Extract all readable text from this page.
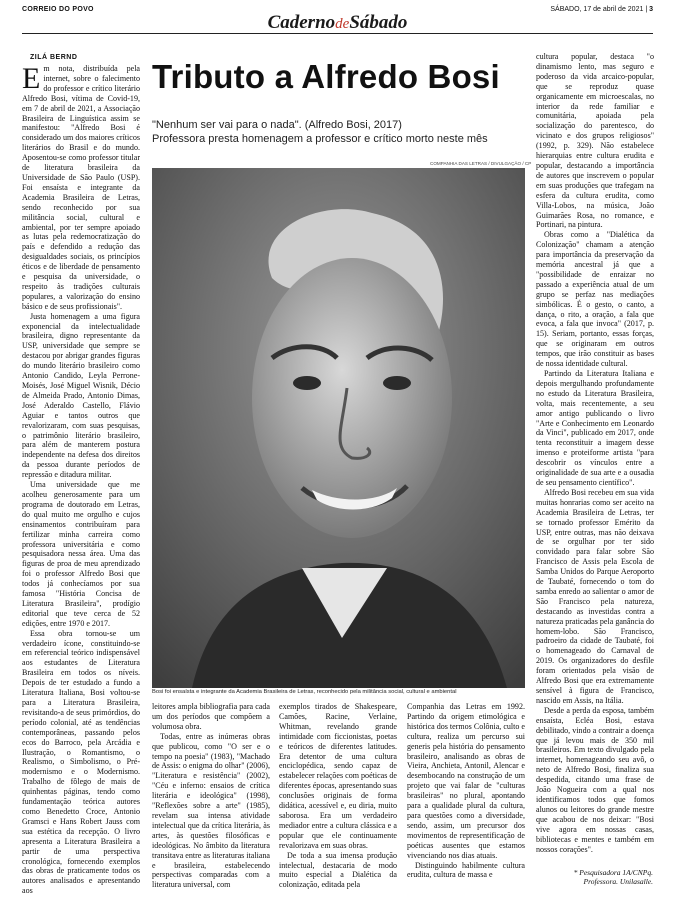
CORREIO DO POVO
CadernodeSábado
SÁBADO, 17 de abril de 2021 | 3
ZILÁ BERND

Em nota, distribuída pela internet, sobre o falecimento do professor e crítico literário Alfredo Bosi, vítima de Covid-19, em 7 de abril de 2021, a Associação Brasileira de Linguística assim se manifestou: "Alfredo Bosi é considerado um dos maiores críticos literários do Brasil e do mundo. Aposentou-se como professor titular de literatura brasileira da Universidade de São Paulo (USP). Foi ensaísta e integrante da Academia Brasileira de Letras, sendo reconhecido por sua militância social, cultural e ambiental, por ter sempre apoiado as lutas pela redemocratização do país e defendido a redução das desigualdades sociais, os princípios éticos e de liberdade de pensamento e pesquisa da universidade, o respeito às tradições culturais populares, a valorização do ensino básico e de seus profissionais".

Justa homenagem a uma figura exponencial da intelectualidade brasileira, digno representante da USP, universidade que sempre se destacou por abrigar grandes figuras do mundo literário brasileiro como Antonio Candido, Leyla Perrone-Moisés, José Miguel Wisnik, Décio de Almeida Prado, Antonio Dimas, José Aderaldo Castello, Flávio Aguiar e tantos outros que revalorizaram, com suas pesquisas, o patrimônio literário brasileiro, para além de manterem postura independente na defesa dos direitos da pessoa durante períodos de repressão e ditadura militar.

Uma universidade que me acolheu generosamente para um programa de doutorado em Letras, do qual muito me orgulho e cujos ensinamentos contribuíram para fertilizar minha carreira como professora universitária e como pesquisadora nessa área. Uma das figuras de proa de meu aprendizado foi o professor Alfredo Bosi que todos já conhecíamos por sua famosa "História Concisa de Literatura Brasileira", prodígio editorial que teve cerca de 52 edições, entre 1970 e 2017.

Essa obra tornou-se um verdadeiro ícone, constituindo-se em referencial teórico indispensável aos estudantes de Literatura Brasileira em todos os níveis. Depois de ter estudado a fundo a Literatura Italiana, Bosi voltou-se para a Literatura Brasileira, revisitando-a de seus primórdios, do período colonial, até as tendências contemporâneas, passando pelos ecos do Barroco, pela Arcádia e Ilustração, o Romantismo, o Realismo, o Simbolismo, o Pré-modernismo e o Modernismo. Trabalho de fôlego de mais de quinhentas páginas, tendo como fundamentação teórica autores como Benedetto Croce, Antonio Gramsci e Hans Robert Jauss com sua estética da recepção. O livro apresenta a Literatura Brasileira a partir de uma perspectiva cronológica, fornecendo exemplos das obras de praticamente todos os autores analisados e apresentando aos

Tributo a Alfredo Bosi
"Nenhum ser vai para o nada". (Alfredo Bosi, 2017)
Professora presta homenagem a professor e crítico morto neste mês
COMPANHIA DAS LETRAS / DIVULGAÇÃO / CP
Bosi foi ensaísta e integrante da Academia Brasileira de Letras, reconhecido pela militância social, cultural e ambiental

leitores ampla bibliografia para cada um dos períodos que compõem a volumosa obra.

Todas, entre as inúmeras obras que publicou, como "O ser e o tempo na poesia" (1983), "Machado de Assis: o enigma do olhar" (2006), "Literatura e resistência" (2002), "Céu e inferno: ensaios de crítica literária e ideológica" (1998), "Reflexões sobre a arte" (1985), revelam sua intensa atividade intelectual que da crítica literária, às artes, às questões filosóficas e ideológicas. No âmbito da literatura transitava entre as literaturas italiana e brasileira, estabelecendo perspectivas comparadas com a literatura universal, com

exemplos tirados de Shakespeare, Camões, Racine, Verlaine, Whitman, revelando grande intimidade com ficcionistas, poetas e teóricos de diferentes latitudes. Era detentor de uma cultura enciclopédica, sendo capaz de estabelecer relações com poéticas de diferentes épocas, apresentando suas conclusões originais de forma didática, acessível e, eu diria, muito saborosa. Era um verdadeiro mediador entre a cultura clássica e a popular que ele continuamente revalorizava em suas obras.

De toda a sua imensa produção intelectual, destacaria de modo muito especial a Dialética da colonização, editada pela

Companhia das Letras em 1992. Partindo da origem etimológica e histórica dos termos Colônia, culto e cultura, realiza um percurso sui generis pela história do pensamento brasileiro, analisando as obras de Vieira, Anchieta, Antonil, Alencar e desembocando na construção de um projeto que vai falar de "culturas brasileiras" no plural, apontando para a qualidade plural da cultura, para questões como a diversidade, sendo, assim, um precursor dos movimentos de representificação de poéticas ausentes que estamos vivenciando nos dias atuais.

Distinguindo habilmente cultura erudita, cultura de massa e

cultura popular, destaca "o dinamismo lento, mas seguro e poderoso da vida arcaico-popular, que se reproduz quase organicamente em microescalas, no interior da rede familiar e comunitária, apoiada pela socialização do parentesco, do vicinato e dos grupos religiosos" (1992, p. 329). Não estabelece hierarquias entre cultura erudita e popular, destacando a importância de autores que inscrevem o popular em suas produções que trafegam na esfera da cultura erudita, como Villa-Lobos, na música, João Guimarães Rosa, no romance, e Portinari, na pintura.

Obras como a "Dialética da Colonização" chamam a atenção para importância da preservação da memória ancestral já que a "possibilidade de enraizar no passado a experiência atual de um grupo se perfaz nas mediações simbólicas. É o gesto, o canto, a dança, o rito, a oração, a fala que evoca, a fala que invoca" (2017, p. 15). Seriam, portanto, essas forças, que se originaram em outros tempos, que irão constituir as bases de nossa identidade cultural.

Partindo da Literatura Italiana e depois mergulhando profundamente no estudo da Literatura Brasileira, volta, mais recentemente, a seu amor antigo publicando o livro "Arte e Conhecimento em Leonardo da Vinci", publicado em 2017, onde tenta reconstituir a imagem desse imenso e proteiforme artista "para descobrir os vínculos entre a originalidade de sua arte e a ousadia de seu pensamento científico".

Alfredo Bosi recebeu em sua vida muitas honrarias como ser aceito na Academia Brasileira de Letras, ter se tornado professor Emérito da USP, entre outras, mas não deixava de se orgulhar por ter sido convidado para falar sobre São Francisco de Assis pela Escola de Samba Unidos do Parque Aeroporto de Taubaté, fornecendo o tom do samba enredo ao salientar o amor de São Francisco pela natureza, destacando as investidas contra a natureza praticadas pela ganância do homem-lobo. São Francisco, padroeiro da cidade de Taubaté, foi o homenageado do Carnaval de 2019. Os organizadores do desfile foram orientados pela visão de Alfredo Bosi que era extremamente sensível à figura de Francisco, nascido em Assis, na Itália.

Desde a perda da esposa, também ensaísta, Ecléa Bosi, estava debilitado, vindo a contrair a doença que já levou mais de 350 mil brasileiros. Em texto divulgado pela internet, homenageando seu avô, o neto de Alfredo Bosi, finaliza sua despedida, citando uma frase de João Nogueira com a qual nos identificamos todos que fomos alunos ou leitores do grande mestre que acabou de nos deixar: "Bosi vive agora em nossas casas, bibliotecas e mentes e também em nossos corações".

* Pesquisadora 1A/CNPq.
Professora. Unilasalle.
